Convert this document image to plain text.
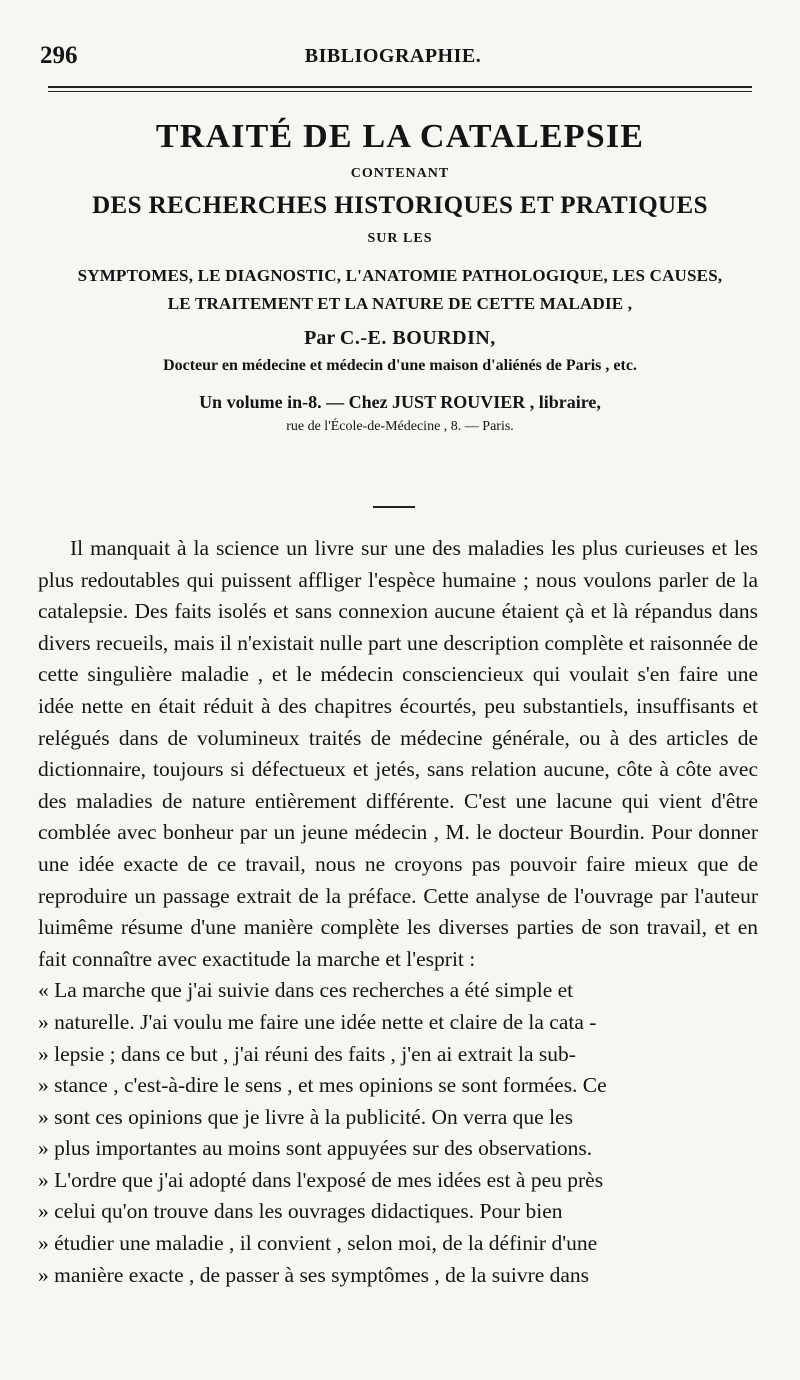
296	BIBLIOGRAPHIE.
TRAITÉ DE LA CATALEPSIE

CONTENANT

DES RECHERCHES HISTORIQUES ET PRATIQUES

SUR LES

SYMPTOMES, LE DIAGNOSTIC, L'ANATOMIE PATHOLOGIQUE, LES CAUSES,
LE TRAITEMENT ET LA NATURE DE CETTE MALADIE ,

Par C.-E. BOURDIN,

Docteur en médecine et médecin d'une maison d'aliénés de Paris , etc.

Un volume in-8. — Chez JUST ROUVIER , libraire,

rue de l'École-de-Médecine , 8. — Paris.

Il manquait à la science un livre sur une des maladies les plus curieuses et les plus redoutables qui puissent affliger l'espèce humaine ; nous voulons parler de la catalepsie. Des faits isolés et sans connexion aucune étaient çà et là répandus dans divers recueils, mais il n'existait nulle part une description complète et raisonnée de cette singulière maladie , et le médecin consciencieux qui voulait s'en faire une idée nette en était réduit à des chapitres écourtés, peu substantiels, insuffisants et relégués dans de volumineux traités de médecine générale, ou à des articles de dictionnaire, toujours si défectueux et jetés, sans relation aucune, côte à côte avec des maladies de nature entièrement différente. C'est une lacune qui vient d'être comblée avec bonheur par un jeune médecin , M. le docteur Bourdin. Pour donner une idée exacte de ce travail, nous ne croyons pas pouvoir faire mieux que de reproduire un passage extrait de la préface. Cette analyse de l'ouvrage par l'auteur luimême résume d'une manière complète les diverses parties de son travail, et en fait connaître avec exactitude la marche et l'esprit :

« La marche que j'ai suivie dans ces recherches a été simple et
» naturelle. J'ai voulu me faire une idée nette et claire de la cata -
» lepsie ; dans ce but , j'ai réuni des faits , j'en ai extrait la sub-
» stance , c'est-à-dire le sens , et mes opinions se sont formées. Ce
» sont ces opinions que je livre à la publicité. On verra que les
» plus importantes au moins sont appuyées sur des observations.
» L'ordre que j'ai adopté dans l'exposé de mes idées est à peu près
» celui qu'on trouve dans les ouvrages didactiques. Pour bien
» étudier une maladie , il convient , selon moi, de la définir d'une
» manière exacte , de passer à ses symptômes , de la suivre dans
